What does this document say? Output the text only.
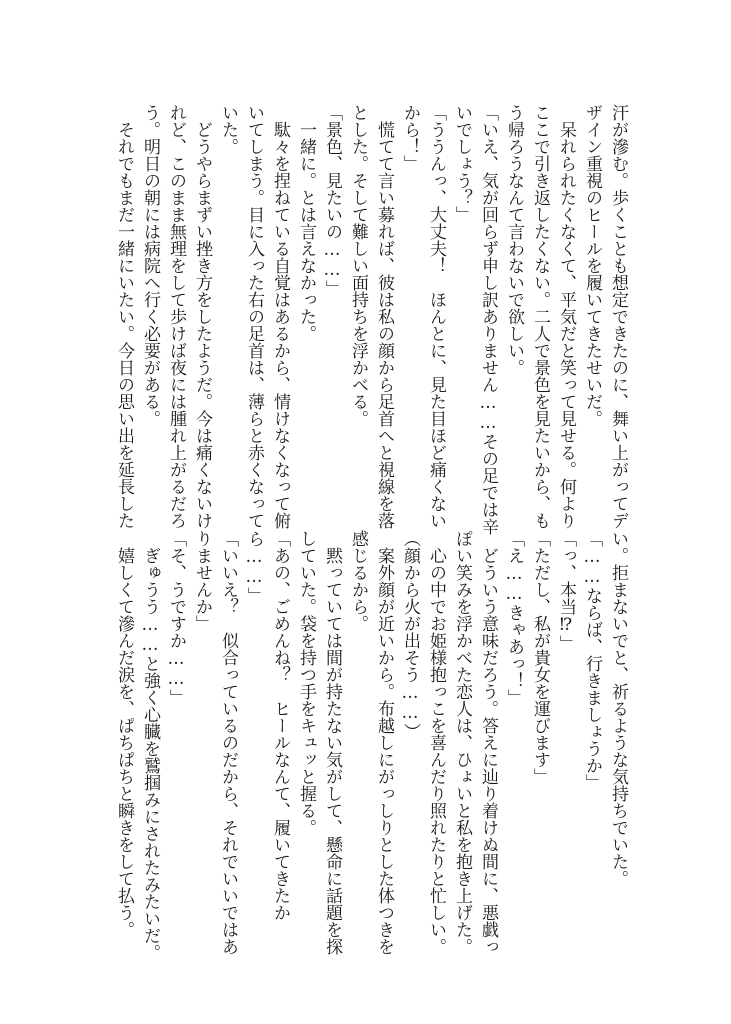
汗が滲む。歩くことも想定できたのに、舞い上がってデ

ザイン重視のヒールを履いてきたせいだ。

　呆れられたくなくて、平気だと笑って見せる。何より

ここで引き返したくない。二人で景色を見たいから、も

う帰ろうなんて言わないで欲しい。

「いえ、気が回らず申し訳ありません……その足では辛

いでしょう？」

「ううんっ、大丈夫！　ほんとに、見た目ほど痛くない

から！」

　慌てて言い募れば、彼は私の顔から足首へと視線を落

とした。そして難しい面持ちを浮かべる。

「景色、見たいの……」

　一緒に。とは言えなかった。

　駄々を捏ねている自覚はあるから、情けなくなって俯

いてしまう。目に入った右の足首は、薄らと赤くなって

いた。

　どうやらまずい挫き方をしたようだ。今は痛くないけ

れど、このまま無理をして歩けば夜には腫れ上がるだろ

う。明日の朝には病院へ行く必要がある。

　それでもまだ一緒にいたい。今日の思い出を延長した

い。拒まないでと、祈るような気持ちでいた。

「……ならば、行きましょうか」

「っ、本当⁉」

「ただし、私が貴女を運びます」

「え……きゃあっ！」

　どういう意味だろう。答えに辿り着けぬ間に、悪戯っ

ぽい笑みを浮かべた恋人は、ひょいと私を抱き上げた。

　心の中でお姫様抱っこを喜んだり照れたりと忙しい。

（顔から火が出そう……）

　案外顔が近いから。布越しにがっしりとした体つきを

感じるから。

　黙っていては間が持たない気がして、懸命に話題を探

していた。袋を持つ手をキュッと握る。

「あの、ごめんね？　ヒールなんて、履いてきたか

ら……」

「いいえ？　似合っているのだから、それでいいではあ

りませんか」

「そ、うですか……」

　ぎゅうう……と強く心臓を鷲掴みにされたみたいだ。

　嬉しくて滲んだ涙を、ぱちぱちと瞬きをして払う。
